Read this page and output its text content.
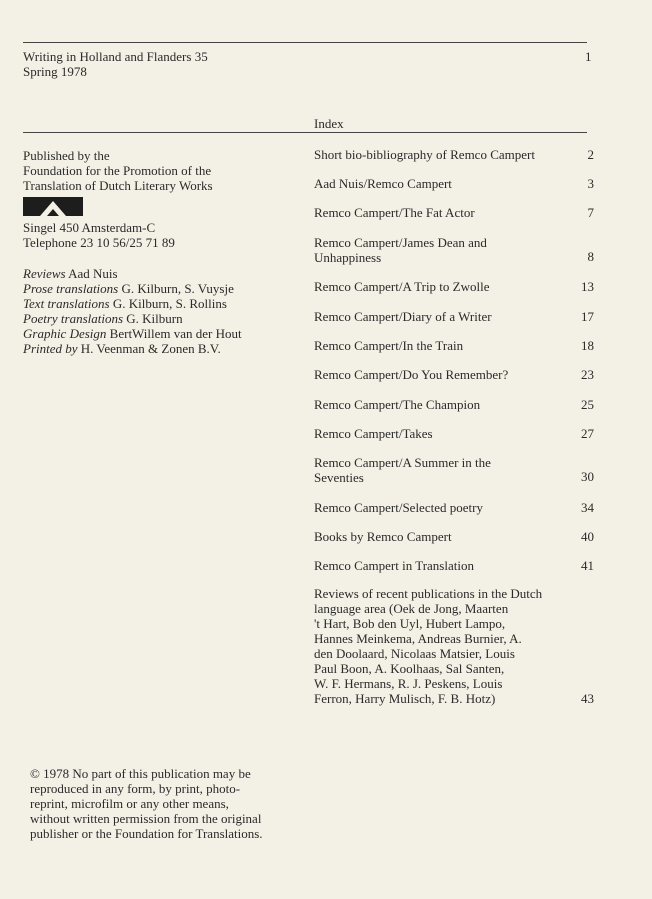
Writing in Holland and Flanders 35
Spring 1978
1
Index
Published by the
Foundation for the Promotion of the
Translation of Dutch Literary Works
Singel 450 Amsterdam-C
Telephone 23 10 56/25 71 89
Reviews Aad Nuis
Prose translations G. Kilburn, S. Vuysje
Text translations G. Kilburn, S. Rollins
Poetry translations G. Kilburn
Graphic Design BertWillem van der Hout
Printed by H. Veenman & Zonen B.V.
© 1978 No part of this publication may be
reproduced in any form, by print, photo-
reprint, microfilm or any other means,
without written permission from the original
publisher or the Foundation for Translations.
Short bio-bibliography of Remco Campert	2
Aad Nuis/Remco Campert	3
Remco Campert/The Fat Actor	7
Remco Campert/James Dean and
Unhappiness	8
Remco Campert/A Trip to Zwolle	13
Remco Campert/Diary of a Writer	17
Remco Campert/In the Train	18
Remco Campert/Do You Remember?	23
Remco Campert/The Champion	25
Remco Campert/Takes	27
Remco Campert/A Summer in the
Seventies	30
Remco Campert/Selected poetry	34
Books by Remco Campert	40
Remco Campert in Translation	41
Reviews of recent publications in the Dutch
language area (Oek de Jong, Maarten
't Hart, Bob den Uyl, Hubert Lampo,
Hannes Meinkema, Andreas Burnier, A.
den Doolaard, Nicolaas Matsier, Louis
Paul Boon, A. Koolhaas, Sal Santen,
W. F. Hermans, R. J. Peskens, Louis
Ferron, Harry Mulisch, F. B. Hotz)	43
